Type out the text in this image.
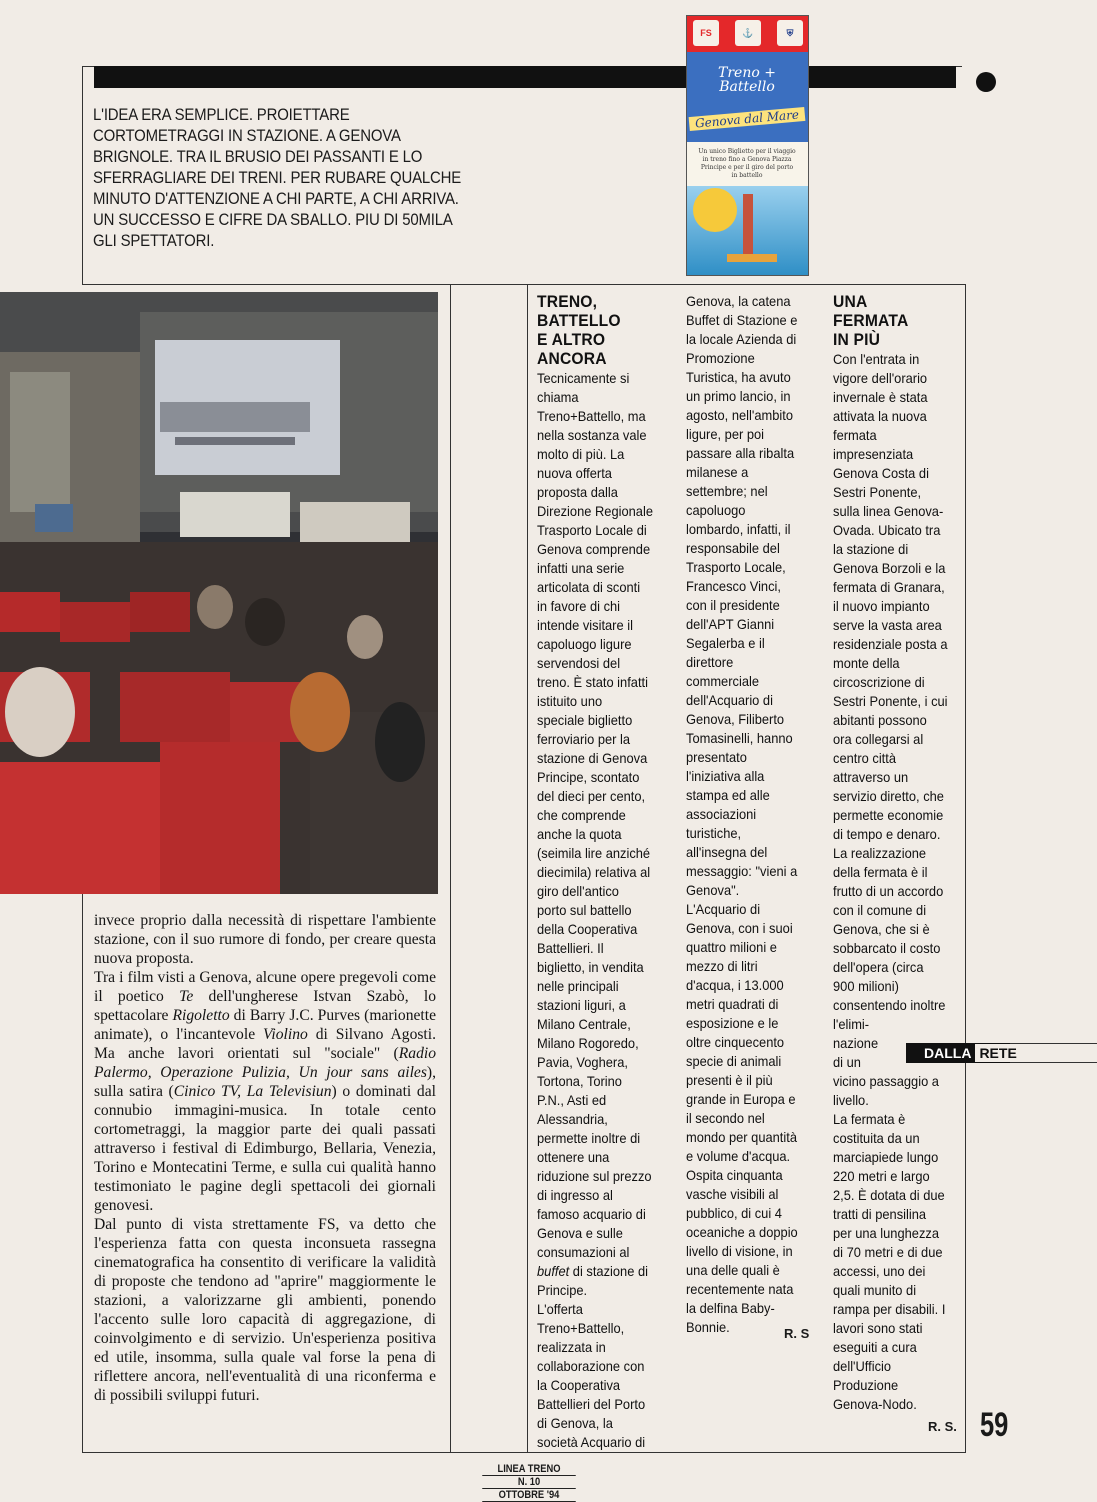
L'IDEA ERA SEMPLICE. PROIETTARE CORTOMETRAGGI IN STAZIONE. A GENOVA BRIGNOLE. TRA IL BRUSIO DEI PASSANTI E LO SFERRAGLIARE DEI TRENI. PER RUBARE QUALCHE MINUTO D'ATTENZIONE A CHI PARTE, A CHI ARRIVA. UN SUCCESSO E CIFRE DA SBALLO. PIU DI 50MILA GLI SPETTATORI.

FS	⚓	⛨
Treno + Battello
Genova dal Mare
Un unico Biglietto per il viaggio in treno fino a Genova Piazza Principe e per il giro del porto in battello

invece proprio dalla necessità di rispettare l'ambiente stazione, con il suo rumore di fondo, per creare questa nuova proposta.

Tra i film visti a Genova, alcune opere pregevoli come il poetico Te dell'ungherese Istvan Szabò, lo spettacolare Rigoletto di Barry J.C. Purves (marionette animate), o l'incantevole Violino di Silvano Agosti. Ma anche lavori orientati sul "sociale" (Radio Palermo, Operazione Pulizia, Un jour sans ailes), sulla satira (Cinico TV, La Televisiun) o dominati dal connubio immagini-musica. In totale cento cortometraggi, la maggior parte dei quali passati attraverso i festival di Edimburgo, Bellaria, Venezia, Torino e Montecatini Terme, e sulla cui qualità hanno testimoniato le pagine degli spettacoli dei giornali genovesi.

Dal punto di vista strettamente FS, va detto che l'esperienza fatta con questa inconsueta rassegna cinematografica ha consentito di verificare la validità di proposte che tendono ad "aprire" maggiormente le stazioni, a valorizzarne gli ambienti, ponendo l'accento sulle loro capacità di aggregazione, di coinvolgimento e di servizio. Un'esperienza positiva ed utile, insomma, sulla quale val forse la pena di riflettere ancora, nell'eventualità di una riconferma e di possibili sviluppi futuri.

TRENO,
BATTELLO
E ALTRO
ANCORA
Tecnicamente si
chiama
Treno+Battello, ma
nella sostanza vale
molto di più. La
nuova offerta
proposta dalla
Direzione Regionale
Trasporto Locale di
Genova comprende
infatti una serie
articolata di sconti
in favore di chi
intende visitare il
capoluogo ligure
servendosi del
treno. È stato infatti
istituito uno
speciale biglietto
ferroviario per la
stazione di Genova
Principe, scontato
del dieci per cento,
che comprende
anche la quota
(seimila lire anziché
diecimila) relativa al
giro dell'antico
porto sul battello
della Cooperativa
Battellieri. Il
biglietto, in vendita
nelle principali
stazioni liguri, a
Milano Centrale,
Milano Rogoredo,
Pavia, Voghera,
Tortona, Torino
P.N., Asti ed
Alessandria,
permette inoltre di
ottenere una
riduzione sul prezzo
di ingresso al
famoso acquario di
Genova e sulle
consumazioni al
buffet di stazione di
Principe.
L'offerta
Treno+Battello,
realizzata in
collaborazione con
la Cooperativa
Battellieri del Porto
di Genova, la
società Acquario di
Genova, la catena
Buffet di Stazione e
la locale Azienda di
Promozione
Turistica, ha avuto
un primo lancio, in
agosto, nell'ambito
ligure, per poi
passare alla ribalta
milanese a
settembre; nel
capoluogo
lombardo, infatti, il
responsabile del
Trasporto Locale,
Francesco Vinci,
con il presidente
dell'APT Gianni
Segalerba e il
direttore
commerciale
dell'Acquario di
Genova, Filiberto
Tomasinelli, hanno
presentato
l'iniziativa alla
stampa ed alle
associazioni
turistiche,
all'insegna del
messaggio: "vieni a
Genova".
L'Acquario di
Genova, con i suoi
quattro milioni e
mezzo di litri
d'acqua, i 13.000
metri quadrati di
esposizione e le
oltre cinquecento
specie di animali
presenti è il più
grande in Europa e
il secondo nel
mondo per quantità
e volume d'acqua.
Ospita cinquanta
vasche visibili al
pubblico, di cui 4
oceaniche a doppio
livello di visione, in
una delle quali è
recentemente nata
la delfina Baby-
Bonnie.	R. S
UNA
FERMATA
IN PIÙ
Con l'entrata in
vigore dell'orario
invernale è stata
attivata la nuova
fermata
impresenziata
Genova Costa di
Sestri Ponente,
sulla linea Genova-
Ovada. Ubicato tra
la stazione di
Genova Borzoli e la
fermata di Granara,
il nuovo impianto
serve la vasta area
residenziale posta a
monte della
circoscrizione di
Sestri Ponente, i cui
abitanti possono
ora collegarsi al
centro città
attraverso un
servizio diretto, che
permette economie
di tempo e denaro.
La realizzazione
della fermata è il
frutto di un accordo
con il comune di
Genova, che si è
sobbarcato il costo
dell'opera (circa
900 milioni)
consentendo inoltre
l'elimi-
nazione
di un
vicino passaggio a
livello.
La fermata è
costituita da un
marciapiede lungo
220 metri e largo
2,5. È dotata di due
tratti di pensilina
per una lunghezza
di 70 metri e di due
accessi, uno dei
quali munito di
rampa per disabili. I
lavori sono stati
eseguiti a cura
dell'Ufficio
Produzione
Genova-Nodo.
R. S.
DALLA RETE
59
LINEA TRENO
N. 10
OTTOBRE '94
